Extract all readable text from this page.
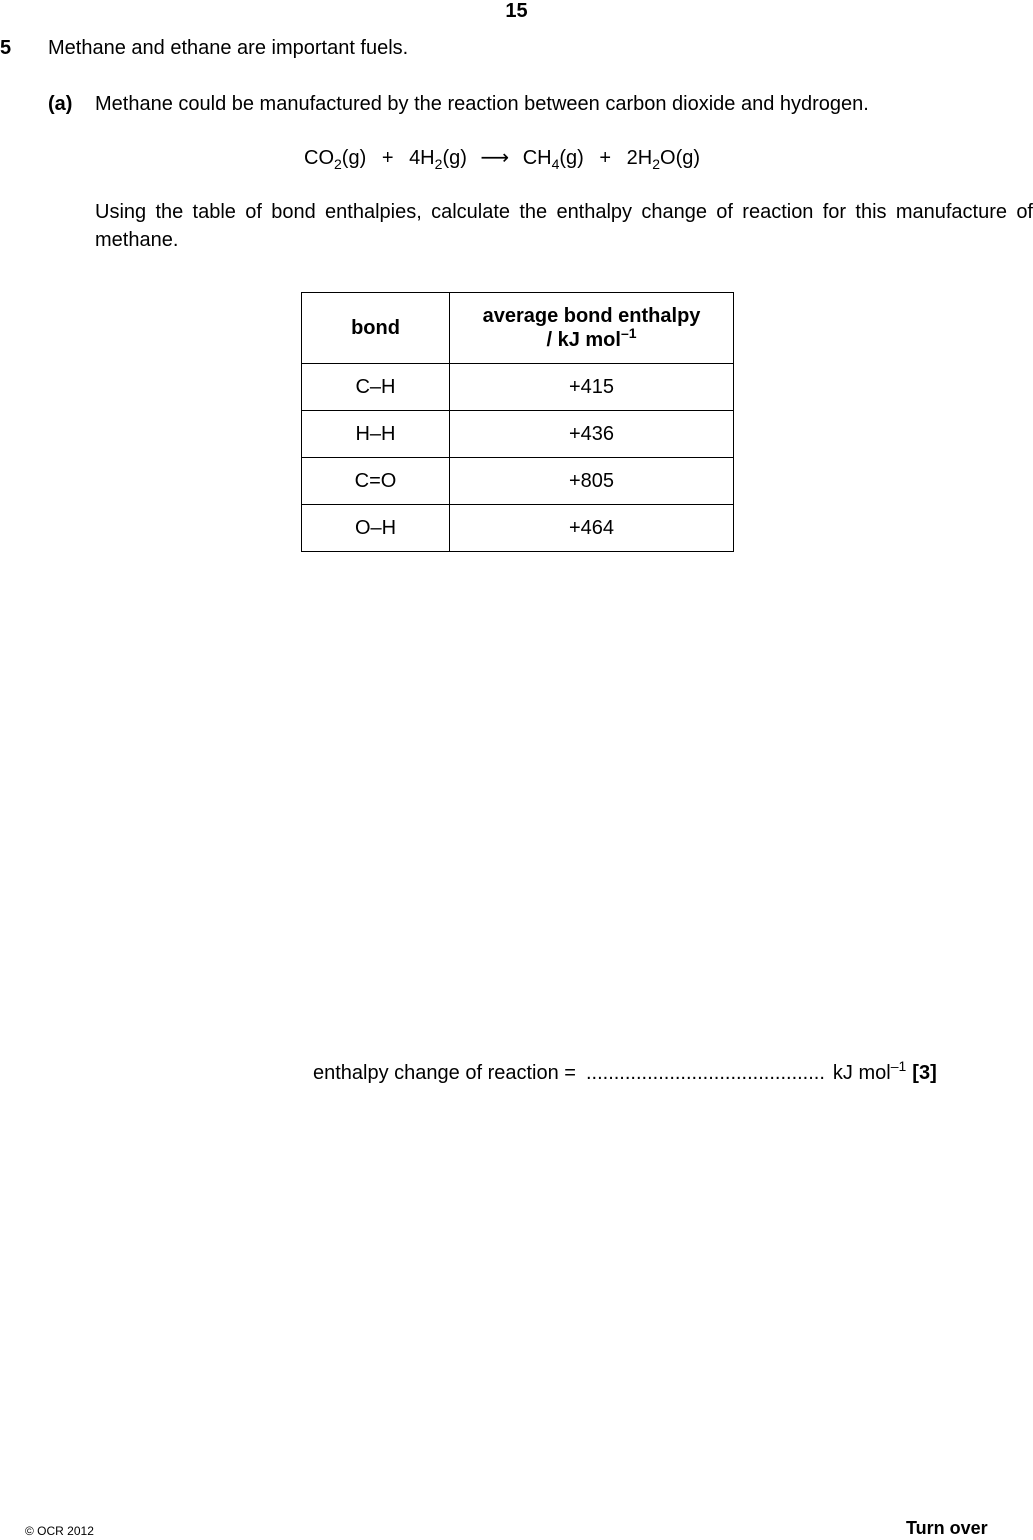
15
5 Methane and ethane are important fuels.
(a) Methane could be manufactured by the reaction between carbon dioxide and hydrogen.
$CO_2(g) + 4H_2(g)$ ⟶ $CH_4(g) + 2H_2O(g)$
Using the table of bond enthalpies, calculate the enthalpy change of reaction for this manufacture of methane.
bond	average bond enthalpy
/ kJ mol$^{-1}$
C–H	+415
H–H	+436
C=O	+805
O–H	+464
enthalpy change of reaction = ........................................... kJ mol$^{-1}$ [3]
© OCR 2012	Turn over
